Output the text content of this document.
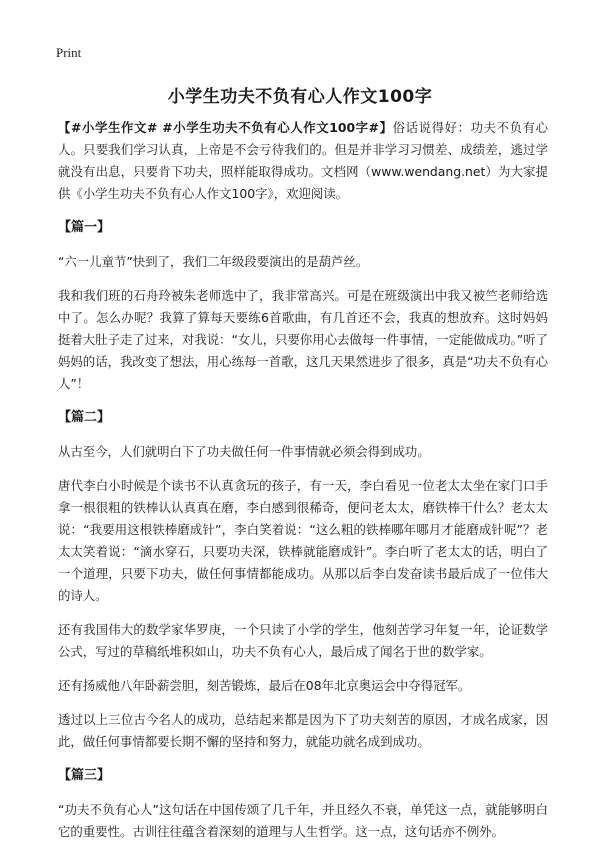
Print
小学生功夫不负有心人作文100字

【#小学生作文# #小学生功夫不负有心人作文100字#】俗话说得好：功夫不负有心人。只要我们学习认真，上帝是不会亏待我们的。但是并非学习习惯差、成绩差，逃过学就没有出息，只要肯下功夫，照样能取得成功。文档网（www.wendang.net）为大家提供《小学生功夫不负有心人作文100字》，欢迎阅读。

【篇一】

“六一儿童节”快到了，我们二年级段要演出的是葫芦丝。

我和我们班的石舟玲被朱老师选中了，我非常高兴。可是在班级演出中我又被竺老师给选中了。怎么办呢？我算了算每天要练6首歌曲，有几首还不会，我真的想放弃。这时妈妈挺着大肚子走了过来，对我说：“女儿，只要你用心去做每一件事情，一定能做成功。”听了妈妈的话，我改变了想法，用心练每一首歌，这几天果然进步了很多，真是“功夫不负有心人”！

【篇二】

从古至今，人们就明白下了功夫做任何一件事情就必须会得到成功。

唐代李白小时候是个读书不认真贪玩的孩子，有一天，李白看见一位老太太坐在家门口手拿一根很粗的铁棒认认真真在磨，李白感到很稀奇，便问老太太，磨铁棒干什么？老太太说：“我要用这根铁棒磨成针”，李白笑着说：“这么粗的铁棒哪年哪月才能磨成针呢”？老太太笑着说：“滴水穿石，只要功夫深，铁棒就能磨成针”。李白听了老太太的话，明白了一个道理，只要下功夫，做任何事情都能成功。从那以后李白发奋读书最后成了一位伟大的诗人。

还有我国伟大的数学家华罗庚，一个只读了小学的学生，他刻苦学习年复一年，论证数学公式，写过的草稿纸堆积如山，功夫不负有心人，最后成了闻名于世的数学家。

还有扬威他八年卧薪尝胆，刻苦锻炼，最后在08年北京奥运会中夺得冠军。

透过以上三位古今名人的成功，总结起来都是因为下了功夫刻苦的原因，才成名成家，因此，做任何事情都要长期不懈的坚持和努力，就能功就名成到成功。

【篇三】

“功夫不负有心人”这句话在中国传颂了几千年，并且经久不衰，单凭这一点，就能够明白它的重要性。古训往往蕴含着深刻的道理与人生哲学。这一点，这句话亦不例外。
